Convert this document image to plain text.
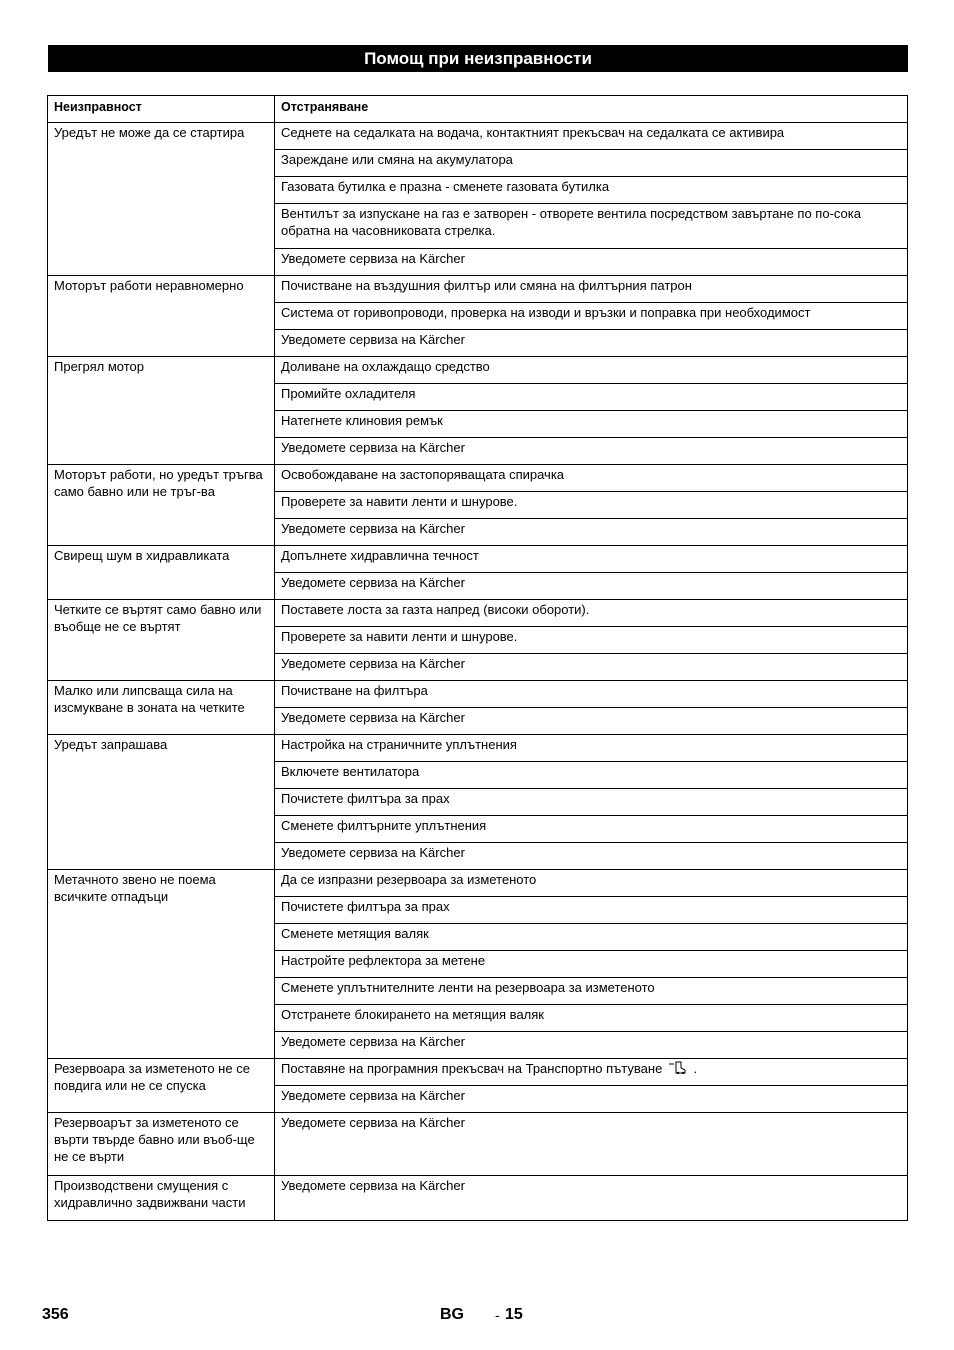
Помощ при неизправности
Неизправност	Отстраняване
Уредът не може да се стартира	Седнете на седалката на водача, контактният прекъсвач на седалката се активира
	Зареждане или смяна на акумулатора
	Газовата бутилка е празна - сменете газовата бутилка
	Вентилът за изпускане на газ е затворен - отворете вентила посредством завъртане по по-сока обратна на часовниковата стрелка.
	Уведомете сервиза на Kärcher
Моторът работи неравномерно	Почистване на въздушния филтър или смяна на филтърния патрон
	Система от горивопроводи, проверка на изводи и връзки и поправка при необходимост
	Уведомете сервиза на Kärcher
Прегрял мотор	Доливане на охлаждащо средство
	Промийте охладителя
	Натегнете клиновия ремък
	Уведомете сервиза на Kärcher
Моторът работи, но уредът тръгва само бавно или не тръг-ва	Освобождаване на застопоряващата спирачка
	Проверете за навити ленти и шнурове.
	Уведомете сервиза на Kärcher
Свирещ шум в хидравликата	Допълнете хидравлична течност
	Уведомете сервиза на Kärcher
Четките се въртят само бавно или въобще не се въртят	Поставете лоста за газта напред (високи обороти).
	Проверете за навити ленти и шнурове.
	Уведомете сервиза на Kärcher
Малко или липсваща сила на изсмукване в зоната на четките	Почистване на филтъра
	Уведомете сервиза на Kärcher
Уредът запрашава	Настройка на страничните уплътнения
	Включете вентилатора
	Почистете филтъра за прах
	Сменете филтърните уплътнения
	Уведомете сервиза на Kärcher
Метачното звено не поема всичките отпадъци	Да се изпразни резервоара за изметеното
	Почистете филтъра за прах
	Сменете метящия валяк
	Настройте рефлектора за метене
	Сменете уплътнителните ленти на резервоара за изметеното
	Отстранете блокирането на метящия валяк
	Уведомете сервиза на Kärcher
Резервоара за изметеното не се повдига или не се спуска	Поставяне на програмния прекъсвач на Транспортно пътуване .
	Уведомете сервиза на Kärcher
Резервоарът за изметеното се върти твърде бавно или въоб-ще не се върти	Уведомете сервиза на Kärcher
Производствени смущения с хидравлично задвижвани части	Уведомете сервиза на Kärcher
356	BG - 15
